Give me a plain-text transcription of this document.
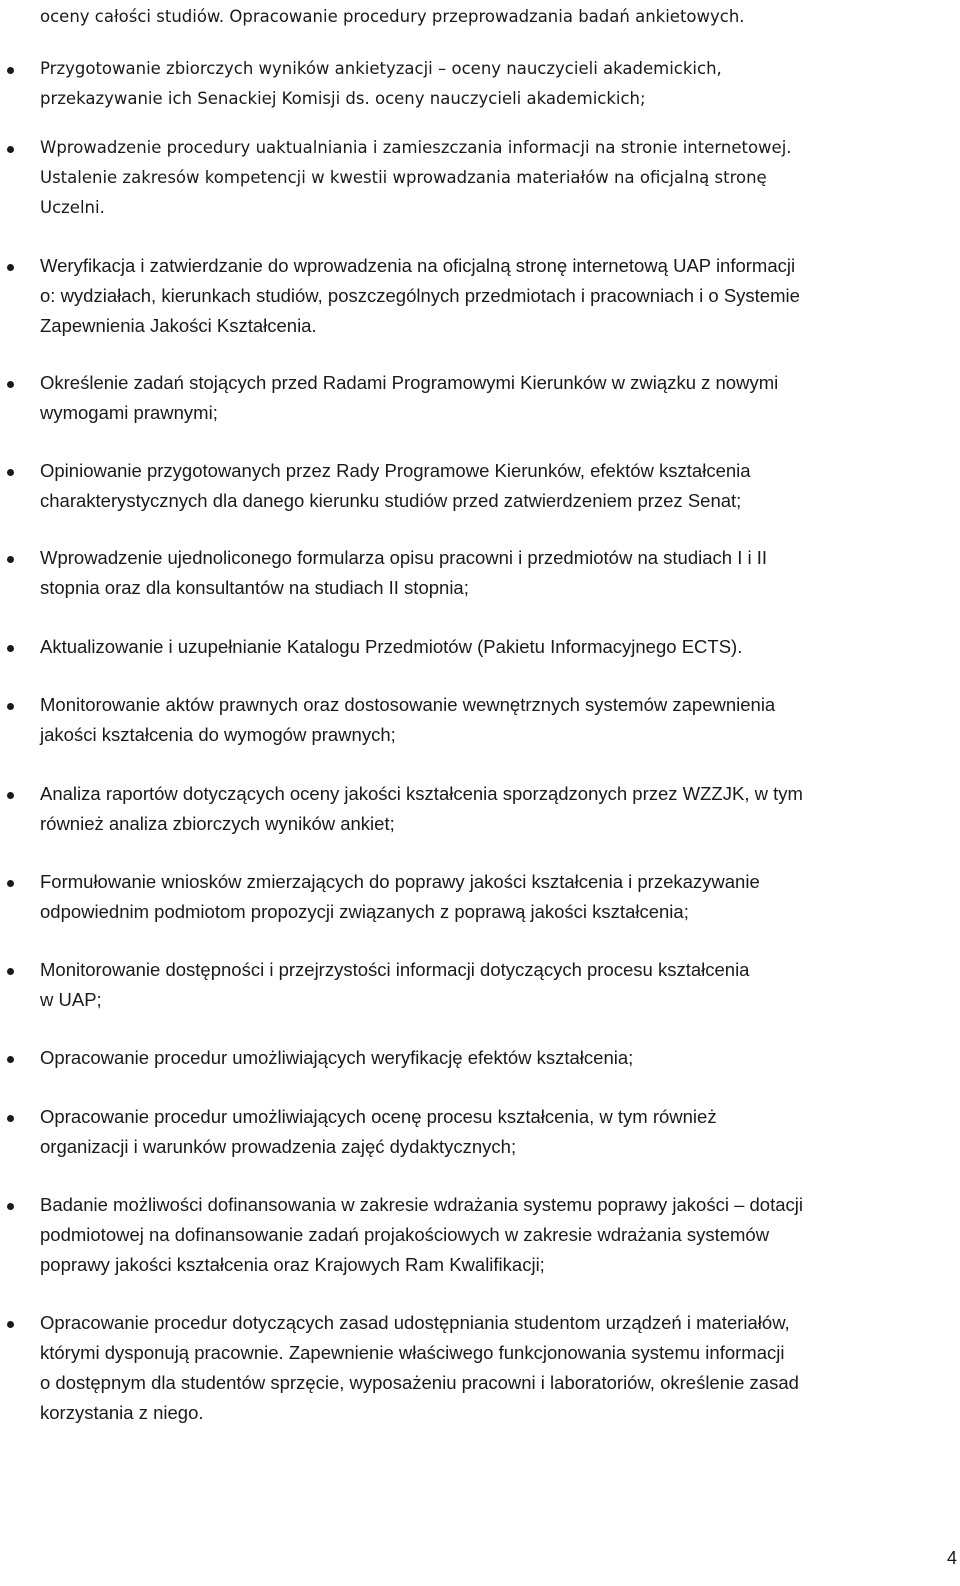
oceny całości studiów. Opracowanie procedury przeprowadzania badań ankietowych.

Przygotowanie zbiorczych wyników ankietyzacji – oceny nauczycieli akademickich,
przekazywanie ich Senackiej Komisji ds. oceny nauczycieli akademickich;

Wprowadzenie procedury uaktualniania i zamieszczania informacji na stronie internetowej.
Ustalenie zakresów kompetencji w kwestii wprowadzania materiałów na oficjalną stronę
Uczelni.

Weryfikacja i zatwierdzanie do wprowadzenia na oficjalną stronę internetową UAP informacji
o: wydziałach, kierunkach studiów, poszczególnych przedmiotach i pracowniach i o Systemie
Zapewnienia Jakości Kształcenia.

Określenie zadań stojących przed Radami Programowymi Kierunków w związku z nowymi
wymogami prawnymi;

Opiniowanie przygotowanych przez Rady Programowe Kierunków, efektów kształcenia
charakterystycznych dla danego kierunku studiów przed zatwierdzeniem przez Senat;

Wprowadzenie ujednoliconego formularza opisu pracowni i przedmiotów na studiach I i II
stopnia oraz dla konsultantów na studiach II stopnia;

Aktualizowanie i uzupełnianie Katalogu Przedmiotów (Pakietu Informacyjnego ECTS).

Monitorowanie aktów prawnych oraz dostosowanie wewnętrznych systemów zapewnienia
jakości kształcenia do wymogów prawnych;

Analiza raportów dotyczących oceny jakości kształcenia sporządzonych przez WZZJK, w tym
również analiza zbiorczych wyników ankiet;

Formułowanie wniosków zmierzających do poprawy jakości kształcenia i przekazywanie
odpowiednim podmiotom propozycji związanych z poprawą jakości kształcenia;

Monitorowanie dostępności i przejrzystości informacji dotyczących procesu kształcenia
w UAP;

Opracowanie procedur umożliwiających weryfikację efektów kształcenia;

Opracowanie procedur umożliwiających ocenę procesu kształcenia, w tym również
organizacji i warunków prowadzenia zajęć dydaktycznych;

Badanie możliwości dofinansowania w zakresie wdrażania systemu poprawy jakości – dotacji
podmiotowej na dofinansowanie zadań projakościowych w zakresie wdrażania systemów
poprawy jakości kształcenia oraz Krajowych Ram Kwalifikacji;

Opracowanie procedur dotyczących zasad udostępniania studentom urządzeń i materiałów,
którymi dysponują pracownie. Zapewnienie właściwego funkcjonowania systemu informacji
o dostępnym dla studentów sprzęcie, wyposażeniu pracowni i laboratoriów, określenie zasad
korzystania z niego.

4
